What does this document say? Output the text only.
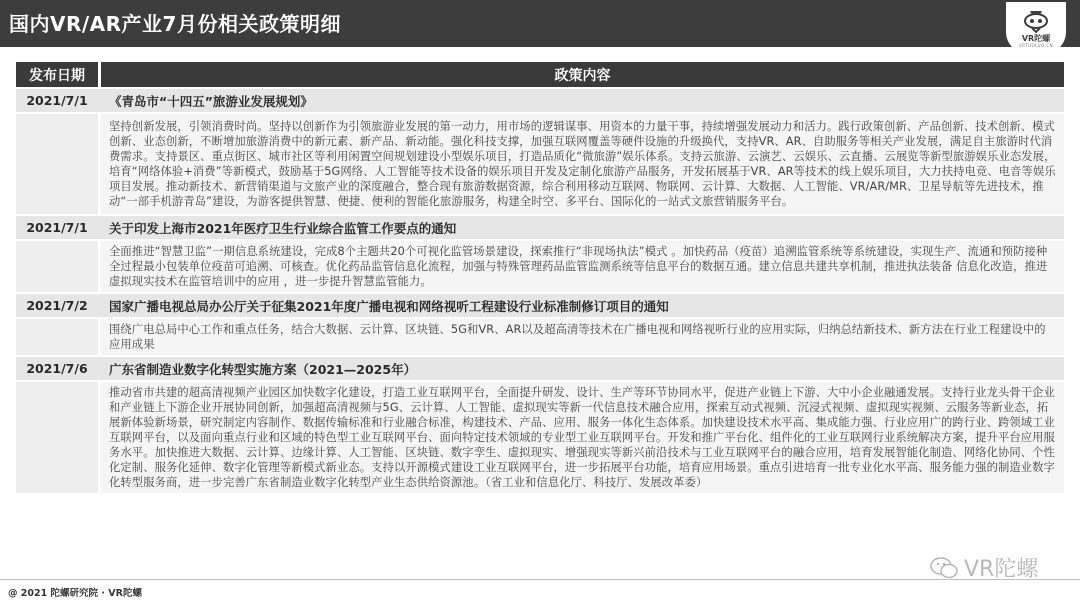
国内VR/AR产业7月份相关政策明细
VR陀螺
VRTUOLUO.CN
发布日期	政策内容
2021/7/1	《青岛市“十四五”旅游业发展规划》
坚持创新发展，引领消费时尚。坚持以创新作为引领旅游业发展的第一动力，用市场的逻辑谋事、用资本的力量干事，持续增强发展动力和活力。践行政策创新、产品创新、技术创新、模式创新、业态创新，不断增加旅游消费中的新元素、新产品、新动能。强化科技支撑，加强互联网覆盖等硬件设施的升级换代，支持VR、AR、自助服务等相关产业发展，满足自主旅游时代消费需求。支持景区、重点街区、城市社区等利用闲置空间规划建设小型娱乐项目，打造品质化“微旅游”娱乐体系。支持云旅游、云演艺、云娱乐、云直播、云展览等新型旅游娱乐业态发展，培育“网络体验+消费”等新模式，鼓励基于5G网络、人工智能等技术设备的娱乐项目开发及定制化旅游产品服务，开发拓展基于VR、AR等技术的线上娱乐项目，大力扶持电竞、电音等娱乐项目发展。推动新技术、新营销渠道与文旅产业的深度融合，整合现有旅游数据资源，综合利用移动互联网、物联网、云计算、大数据、人工智能、VR/AR/MR、卫星导航等先进技术，推动“一部手机游青岛”建设，为游客提供智慧、便捷、便利的智能化旅游服务，构建全时空、多平台、国际化的一站式文旅营销服务平台。
2021/7/1	关于印发上海市2021年医疗卫生行业综合监管工作要点的通知
全面推进“智慧卫监”一期信息系统建设，完成8个主题共20个可视化监管场景建设，探索推行“非现场执法”模式 。加快药品（疫苗）追溯监管系统等系统建设，实现生产、流通和预防接种全过程最小包装单位疫苗可追溯、可核查。优化药品监管信息化流程，加强与特殊管理药品监管监测系统等信息平台的数据互通。建立信息共建共享机制，推进执法装备 信息化改造，推进虚拟现实技术在监管培训中的应用 ，进一步提升智慧监管能力。
2021/7/2	国家广播电视总局办公厅关于征集2021年度广播电视和网络视听工程建设行业标准制修订项目的通知
围绕广电总局中心工作和重点任务，结合大数据、云计算、区块链、5G和VR、AR以及超高清等技术在广播电视和网络视听行业的应用实际，归纳总结新技术、新方法在行业工程建设中的应用成果
2021/7/6	广东省制造业数字化转型实施方案（2021—2025年）
推动省市共建的超高清视频产业园区加快数字化建设，打造工业互联网平台，全面提升研发、设计、生产等环节协同水平，促进产业链上下游、大中小企业融通发展。支持行业龙头骨干企业和产业链上下游企业开展协同创新，加强超高清视频与5G、云计算、人工智能、虚拟现实等新一代信息技术融合应用，探索互动式视频、沉浸式视频、虚拟现实视频、云服务等新业态，拓展新体验新场景，研究制定内容制作、数据传输标准和行业融合标准，构建技术、产品、应用、服务一体化生态体系。加快建设技术水平高、集成能力强、行业应用广的跨行业、跨领域工业互联网平台，以及面向重点行业和区域的特色型工业互联网平台、面向特定技术领域的专业型工业互联网平台。开发和推广平台化、组件化的工业互联网行业系统解决方案，提升平台应用服务水平。加快推进大数据、云计算、边缘计算、人工智能、区块链、数字孪生、虚拟现实、增强现实等新兴前沿技术与工业互联网平台的融合应用，培育发展智能化制造、网络化协同、个性化定制、服务化延伸、数字化管理等新模式新业态。支持以开源模式建设工业互联网平台，进一步拓展平台功能，培育应用场景。重点引进培育一批专业化水平高、服务能力强的制造业数字化转型服务商，进一步完善广东省制造业数字化转型产业生态供给资源池。（省工业和信息化厅、科技厅、发展改革委）
@ 2021 陀螺研究院 · VR陀螺
VR陀螺
